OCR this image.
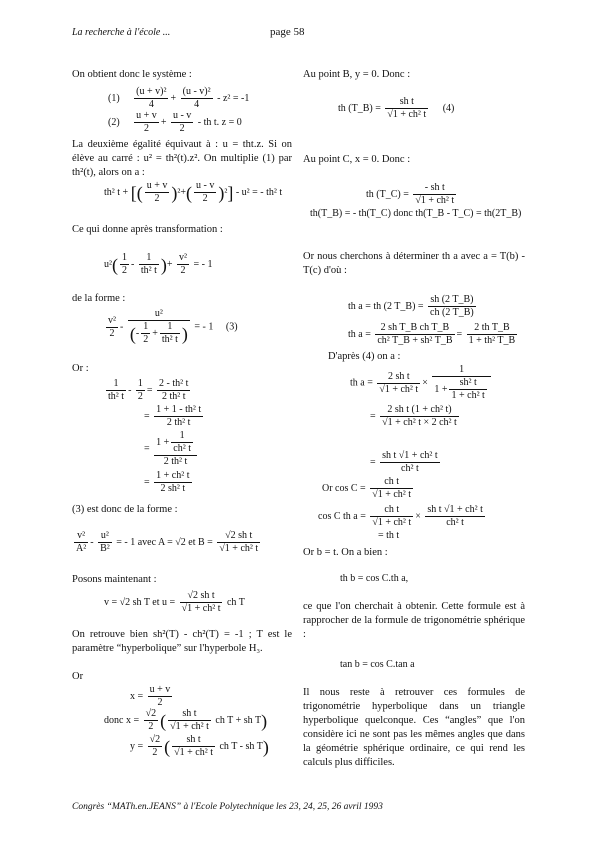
La recherche à l'école ...	page 58
On obtient donc le système :
$(1) \frac{\text{(u + v)²}}{4} + \frac{\text{(u - v)²}}{4} - z^2 = -1$
$(2) \frac{u + v}{2} + \frac{u - v}{2}$ - th t. z = 0
La deuxième égalité équivaut à : u = tht.z. Si on élève au carré : u² = th²(t).z². On multiplie (1) par th²(t), alors on a :
th² t + [( $\frac{u + v}{2} )^2+( \frac{u - v}{2} )^2] - u^2$ = - th² t
Ce qui donne après transformation :
$u^2( \frac{1}{2} - \frac{1}{\text{th² t}}$ )+ $\frac{\text{v²}}{2}$ = - 1
de la forme :
$\frac{\text{v²}}{2} - \frac{\text{u²}}{(- \frac{1}{2} + \frac{1}{\text{th² t}} )}$ = - 1 (3)
Or :
$\frac{1}{\text{th² t}} - \frac{1}{2} = \frac{\text{2 - th² t}}{\text{2 th² t}}$
= $\frac{\text{1 + 1 - th² t}}{\text{2 th² t}}$
= $\frac{1 + \frac{1}{\text{ch² t}}}{\text{2 th² t}}$
= $\frac{\text{1 + ch² t}}{\text{2 sh² t}}$
(3) est donc de la forme :
$\frac{\text{v²}}{\text{A²}} - \frac{\text{u²}}{\text{B²}}$ = - 1 avec A = √2 et $B = \frac{\text{√2 sh t}}{\text{√1 + ch² t}}$
Posons maintenant :
v = √2 sh T et $u = \frac{\text{√2 sh t}}{\text{√1 + ch² t}}$ ch T
On retrouve bien sh²(T) - ch²(T) = -1 ; T est le paramètre “hyperbolique” sur l'hyperbole H₃.
Or
$x = \frac{u + v}{2}$
donc $x = \frac{√2}{2}$ ( $\frac{\text{sh t}}{\text{√1 + ch² t}}$ ch T + sh T)
$y = \frac{√2}{2}$ ( $\frac{\text{sh t}}{\text{√1 + ch² t}}$ ch T - sh T)
Au point B, y = 0. Donc :
th (T_B) = $\frac{\text{sh t}}{\text{√1 + ch² t}} (4)$
Au point C, x = 0. Donc :
th (T_C) = $\frac{\text{- sh t}}{\text{√1 + ch² t}}$
th(T_B) = - th(T_C) donc th(T_B - T_C) = th(2T_B)
Or nous cherchons à déterminer th a avec a = T(b) - T(c) d'où :
th a = th (2 T_B) = $\frac{sh (2 T\_B)}{ch (2 T\_B)}$
th $a = \frac{\text{2 sh T\_B ch T\_B}}{\text{ch² T\_B + sh² T\_B}} = \frac{\text{2 th T\_B}}{\text{1 + th² T\_B}}$
D'après (4) on a :
th $a = \frac{\text{2 sh t}}{\text{√1 + ch² t}} \times \frac{1}{1 + \frac{\text{sh² t}}{\text{1 + ch² t}}}$
= $\frac{\text{2 sh t (1 + ch² t)}}{\text{√1 + ch² t × 2 ch² t}}$
= $\frac{\text{sh t √1 + ch² t}}{\text{ch² t}}$
Or $\cos C = \frac{\text{ch t}}{\text{√1 + ch² t}}$
cos C th $a = \frac{\text{ch t}}{\text{√1 + ch² t}} \times \frac{\text{sh t √1 + ch² t}}{\text{ch² t}}$
= th t
Or b = t. On a bien :
th b = cos C.th a,
ce que l'on cherchait à obtenir. Cette formule est à rapprocher de la formule de trigonométrie sphérique :
tan b = cos C.tan a
Il nous reste à retrouver ces formules de trigonométrie hyperbolique dans un triangle hyperbolique quelconque. Ces “angles” que l'on considère ici ne sont pas les mêmes angles que dans la géométrie sphérique ordinaire, ce qui rend les calculs plus difficiles.
Congrès “MATh.en.JEANS” à l'Ecole Polytechnique les 23, 24, 25, 26 avril 1993
